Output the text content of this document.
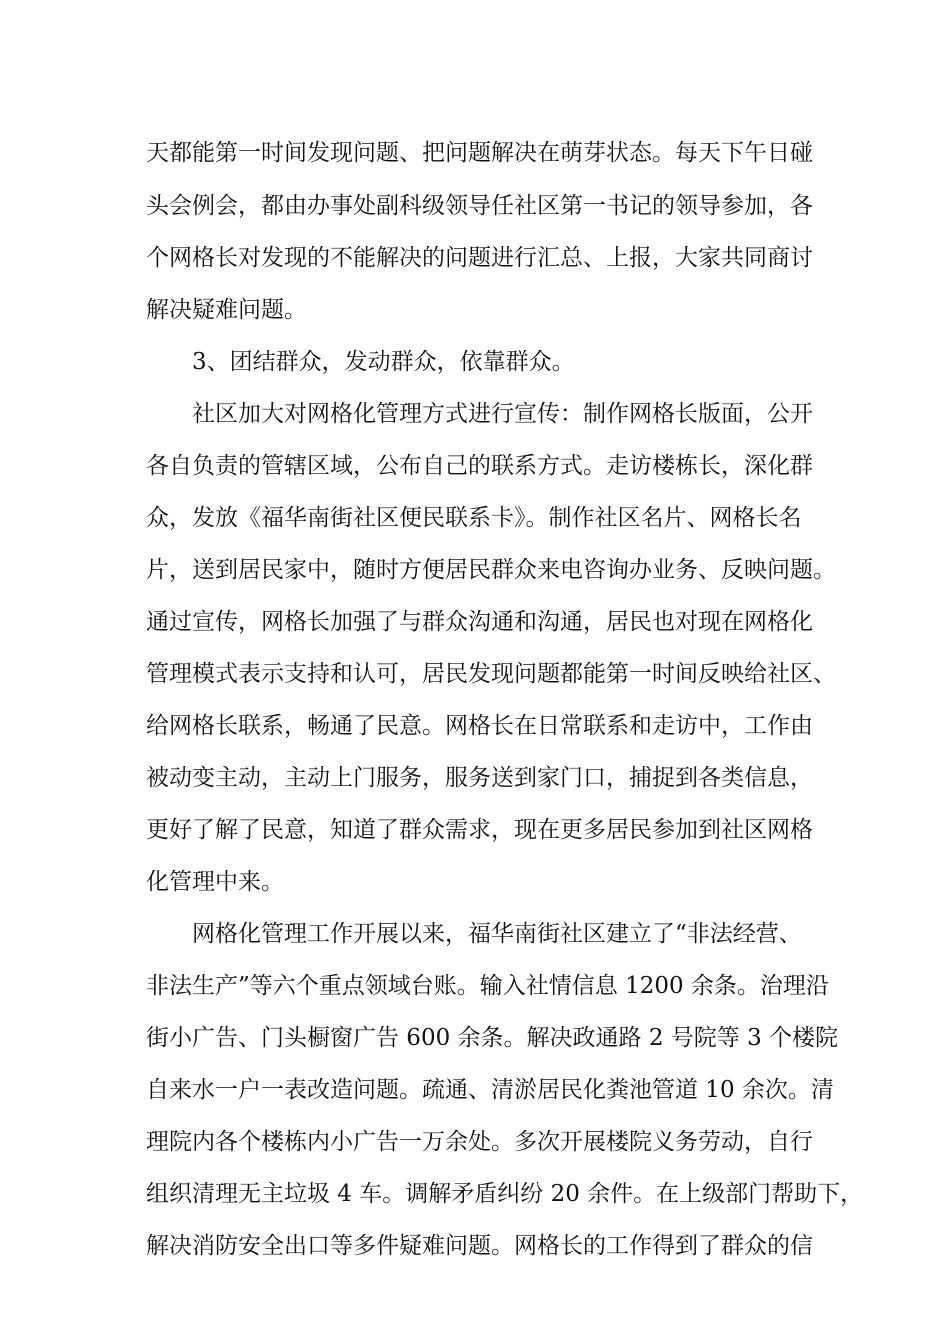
天都能第一时间发现问题、把问题解决在萌芽状态。每天下午日碰
头会例会，都由办事处副科级领导任社区第一书记的领导参加，各
个网格长对发现的不能解决的问题进行汇总、上报，大家共同商讨
解决疑难问题。
3、团结群众，发动群众，依靠群众。
社区加大对网格化管理方式进行宣传：制作网格长版面，公开
各自负责的管辖区域，公布自己的联系方式。走访楼栋长，深化群
众，发放《福华南街社区便民联系卡》。制作社区名片、网格长名
片，送到居民家中，随时方便居民群众来电咨询办业务、反映问题。
通过宣传，网格长加强了与群众沟通和沟通，居民也对现在网格化
管理模式表示支持和认可，居民发现问题都能第一时间反映给社区、
给网格长联系，畅通了民意。网格长在日常联系和走访中，工作由
被动变主动，主动上门服务，服务送到家门口，捕捉到各类信息，
更好了解了民意，知道了群众需求，现在更多居民参加到社区网格
化管理中来。
网格化管理工作开展以来，福华南街社区建立了“非法经营、
非法生产”等六个重点领域台账。输入社情信息 1200 余条。治理沿
街小广告、门头橱窗广告 600 余条。解决政通路 2 号院等 3 个楼院
自来水一户一表改造问题。疏通、清淤居民化粪池管道 10 余次。清
理院内各个楼栋内小广告一万余处。多次开展楼院义务劳动，自行
组织清理无主垃圾 4 车。调解矛盾纠纷 20 余件。在上级部门帮助下，
解决消防安全出口等多件疑难问题。网格长的工作得到了群众的信
